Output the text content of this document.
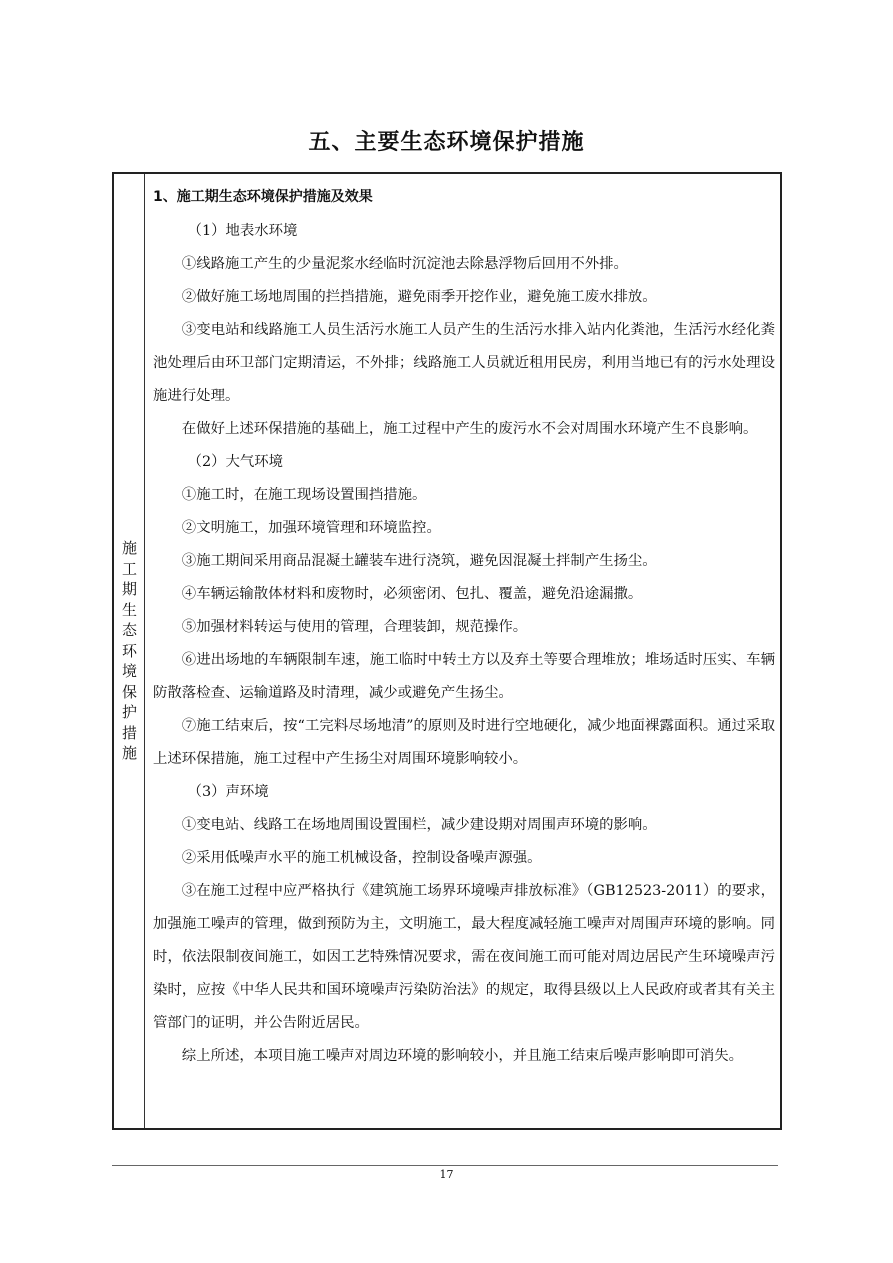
五、主要生态环境保护措施
施工期生态环境保护措施

1、施工期生态环境保护措施及效果

（1）地表水环境

①线路施工产生的少量泥浆水经临时沉淀池去除悬浮物后回用不外排。

②做好施工场地周围的拦挡措施，避免雨季开挖作业，避免施工废水排放。

③变电站和线路施工人员生活污水施工人员产生的生活污水排入站内化粪池，生活污水经化粪池处理后由环卫部门定期清运，不外排；线路施工人员就近租用民房，利用当地已有的污水处理设施进行处理。

在做好上述环保措施的基础上，施工过程中产生的废污水不会对周围水环境产生不良影响。

（2）大气环境

①施工时，在施工现场设置围挡措施。

②文明施工，加强环境管理和环境监控。

③施工期间采用商品混凝土罐装车进行浇筑，避免因混凝土拌制产生扬尘。

④车辆运输散体材料和废物时，必须密闭、包扎、覆盖，避免沿途漏撒。

⑤加强材料转运与使用的管理，合理装卸，规范操作。

⑥进出场地的车辆限制车速，施工临时中转土方以及弃土等要合理堆放；堆场适时压实、车辆防散落检查、运输道路及时清理，减少或避免产生扬尘。

⑦施工结束后，按“工完料尽场地清”的原则及时进行空地硬化，减少地面裸露面积。通过采取上述环保措施，施工过程中产生扬尘对周围环境影响较小。

（3）声环境

①变电站、线路工在场地周围设置围栏，减少建设期对周围声环境的影响。

②采用低噪声水平的施工机械设备，控制设备噪声源强。

③在施工过程中应严格执行《建筑施工场界环境噪声排放标准》（GB12523-2011）的要求，加强施工噪声的管理，做到预防为主，文明施工，最大程度减轻施工噪声对周围声环境的影响。同时，依法限制夜间施工，如因工艺特殊情况要求，需在夜间施工而可能对周边居民产生环境噪声污染时，应按《中华人民共和国环境噪声污染防治法》的规定，取得县级以上人民政府或者其有关主管部门的证明，并公告附近居民。

综上所述，本项目施工噪声对周边环境的影响较小，并且施工结束后噪声影响即可消失。

17
